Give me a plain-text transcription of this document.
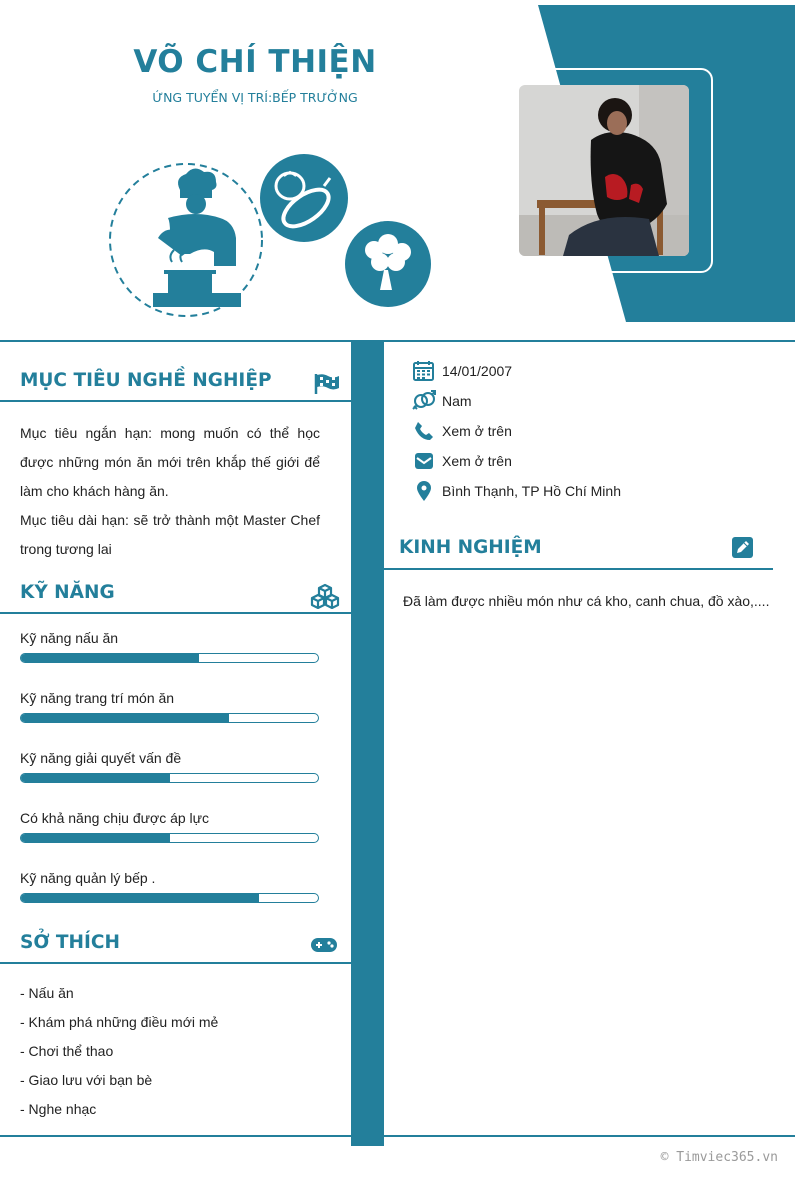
VÕ CHÍ THIỆN
ỨNG TUYỂN VỊ TRÍ:BẾP TRƯỞNG
MỤC TIÊU NGHỀ NGHIỆP
Mục tiêu ngắn hạn: mong muốn có thể học được những món ăn mới trên khắp thế giới để làm cho khách hàng ăn.
Mục tiêu dài hạn: sẽ trở thành một Master Chef trong tương lai
KỸ NĂNG
Kỹ năng nấu ăn
Kỹ năng trang trí món ăn
Kỹ năng giải quyết vấn đề
Có khả năng chịu được áp lực
Kỹ năng quản lý bếp .
SỞ THÍCH
- Nấu ăn
- Khám phá những điều mới mẻ
- Chơi thể thao
- Giao lưu với bạn bè
- Nghe nhạc
14/01/2007
Nam
Xem ở trên
Xem ở trên
Bình Thạnh, TP Hồ Chí Minh
KINH NGHIỆM
Đã làm được nhiều món như cá kho, canh chua, đồ xào,....
© Timviec365.vn
